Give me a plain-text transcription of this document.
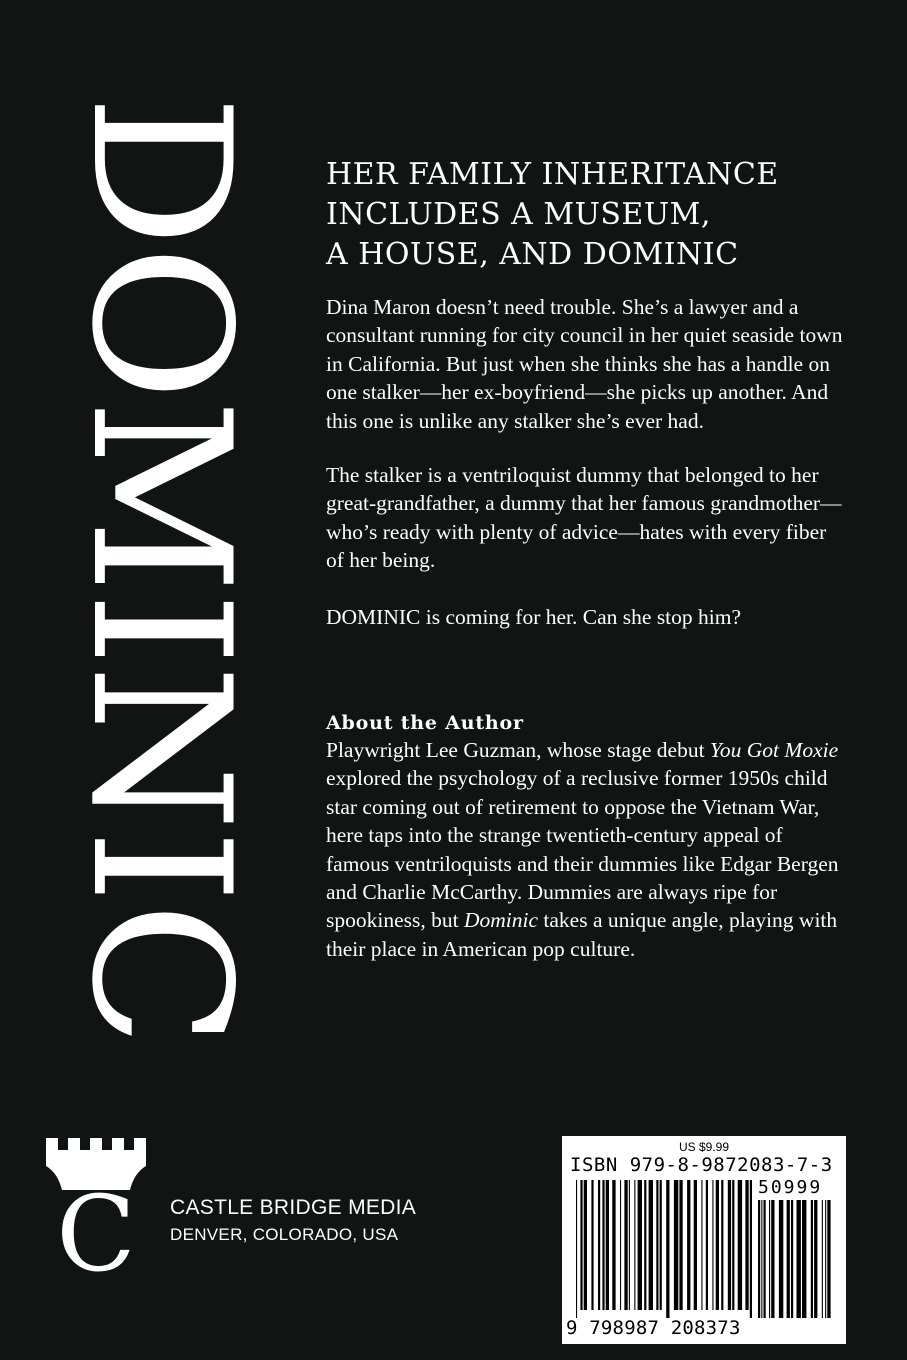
DOMINIC HER FAMILY INHERITANCE
INCLUDES A MUSEUM,
A HOUSE, AND DOMINIC

Dina Maron doesn’t need trouble. She’s a lawyer and a consultant running for city council in her quiet seaside town in California. But just when she thinks she has a handle on one stalker—her ex-boyfriend—she picks up another. And this one is unlike any stalker she’s ever had.

The stalker is a ventriloquist dummy that belonged to her great-grandfather, a dummy that her famous grandmother—who’s ready with plenty of advice—hates with every fiber of her being.

DOMINIC is coming for her. Can she stop him?

About the Author
Playwright Lee Guzman, whose stage debut You Got Moxie explored the psychology of a reclusive former 1950s child star coming out of retirement to oppose the Vietnam War, here taps into the strange twentieth-century appeal of famous ventriloquists and their dummies like Edgar Bergen and Charlie McCarthy. Dummies are always ripe for spookiness, but Dominic takes a unique angle, playing with their place in American pop culture.
C CASTLE BRIDGE MEDIA
DENVER, COLORADO, USA
US $9.99
ISBN 979-8-9872083-7-3
50999
9 798987 208373
